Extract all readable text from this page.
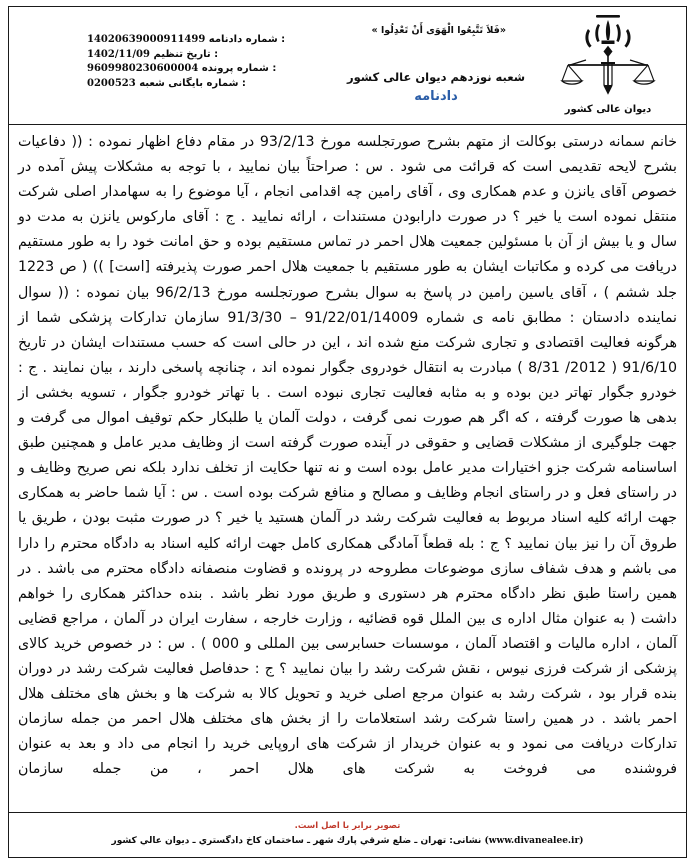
«فَلاَ تَتَّبِعُوا الْهَوَى أَنْ تَعْدِلُوا »
14020639000911499 شماره دادنامه :
1402/11/09 تاریخ تنظیم :
9609980230600004 شماره پرونده :
0200523 شماره بایگانی شعبه :	شعبه نوزدهم دیوان عالی کشور
دادنامه
دیوان عالی کشور
خانم سمانه درستی بوکالت از متهم بشرح صورتجلسه مورخ 93/2/13 در مقام دفاع اظهار نموده : (( دفاعیات بشرح لایحه تقدیمی است که قرائت می شود . س : صراحتاً بیان نمایید ، با توجه به مشکلات پیش آمده در خصوص آقای یانزن و عدم همکاری وی ، آقای رامین چه اقدامی انجام ، آیا موضوع را به سهامدار اصلی شرکت منتقل نموده است یا خیر ؟ در صورت دارابودن مستندات ، ارائه نمایید . ج : آقای مارکوس یانزن به مدت دو سال و یا بیش از آن با مسئولین جمعیت هلال احمر در تماس مستقیم بوده و حق امانت خود را به طور مستقیم دریافت می کرده و مکاتبات ایشان به طور مستقیم با جمعیت هلال احمر صورت پذیرفته [است] )) ( ص 1223 جلد ششم ) ، آقای یاسین رامین در پاسخ به سوال بشرح صورتجلسه مورخ 96/2/13 بیان نموده : (( سوال نماینده دادستان : مطابق نامه ی شماره 91/22/01/14009 – 91/3/30 سازمان تدارکات پزشکی شما از هرگونه فعالیت اقتصادی و تجاری شرکت منع شده اند ، این در حالی است که حسب مستندات ایشان در تاریخ 91/6/10 ( 2012/ 8/31 ) مبادرت به انتقال خودروی جگوار نموده اند ، چنانچه پاسخی دارند ، بیان نمایند . ج : خودرو جگوار تهاتر دین بوده و به مثابه فعالیت تجاری نبوده است . با تهاتر خودرو جگوار ، تسویه بخشی از بدهی ها صورت گرفته ، که اگر هم صورت نمی گرفت ، دولت آلمان یا طلبکار حکم توقیف اموال می گرفت و جهت جلوگیری از مشکلات قضایی و حقوقی در آینده صورت گرفته است از وظایف مدیر عامل و همچنین طبق اساسنامه شرکت جزو اختیارات مدیر عامل بوده است و نه تنها حکایت از تخلف ندارد بلکه نص صریح وظایف و در راستای فعل و در راستای انجام وظایف و مصالح و منافع شرکت بوده است . س : آیا شما حاضر به همکاری جهت ارائه کلیه اسناد مربوط به فعالیت شرکت رشد در آلمان هستید یا خیر ؟ در صورت مثبت بودن ، طریق یا طروق آن را نیز بیان نمایید ؟ ج : بله قطعاً آمادگی همکاری کامل جهت ارائه کلیه اسناد به دادگاه محترم را دارا می باشم و هدف شفاف سازی موضوعات مطروحه در پرونده و قضاوت منصفانه دادگاه محترم می باشد . در همین راستا طبق نظر دادگاه محترم هر دستوری و طریق مورد نظر باشد . بنده حداکثر همکاری را خواهم داشت ( به عنوان مثال اداره ی بین الملل قوه قضائیه ، وزارت خارجه ، سفارت ایران در آلمان ، مراجع قضایی آلمان ، اداره مالیات و اقتصاد آلمان ، موسسات حسابرسی بین المللی و 000 ) . س : در خصوص خرید کالای پزشکی از شرکت فرزی نیوس ، نقش شرکت رشد را بیان نمایید ؟ ج : حدفاصل فعالیت شرکت رشد در دوران بنده قرار بود ، شرکت رشد به عنوان مرجع اصلی خرید و تحویل کالا به شرکت ها و بخش های مختلف هلال احمر باشد . در همین راستا شرکت رشد استعلامات را از بخش های مختلف هلال احمر من جمله سازمان تدارکات دریافت می نمود و به عنوان خریدار از شرکت های اروپایی خرید را انجام می داد و بعد به عنوان فروشنده می فروخت به شرکت های هلال احمر ، من جمله سازمان
تصویر برابر با اصل است.
(www.divanealee.ir) نشانی: تهران ـ ضلع شرقي پارك شهر ـ ساختمان كاخ دادگستري ـ ديوان عالي كشور
